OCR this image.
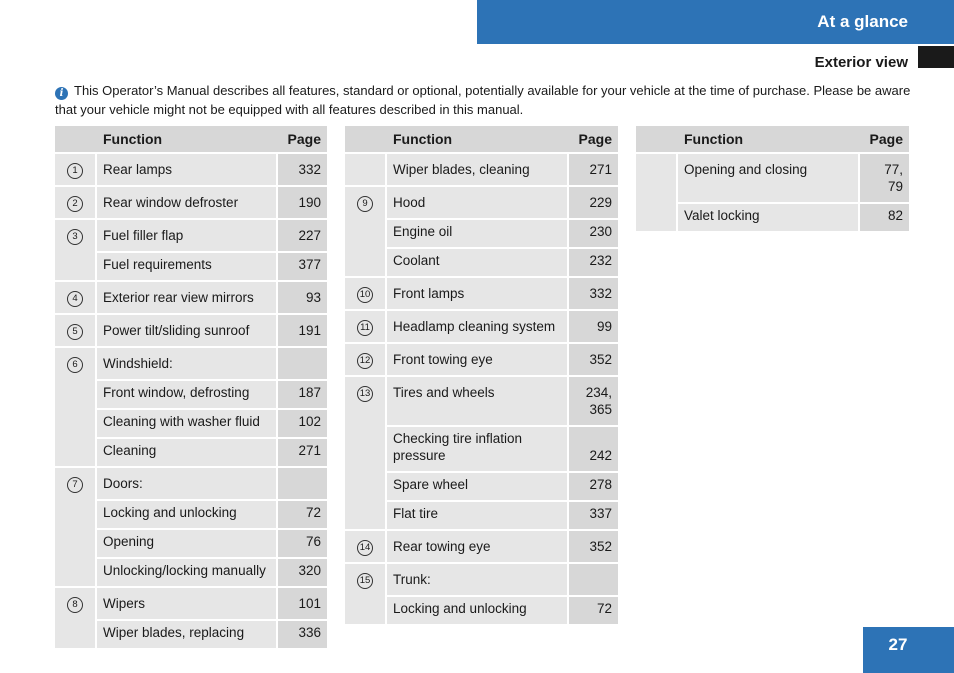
At a glance
Exterior view
i This Operator’s Manual describes all features, standard or optional, potentially available for your vehicle at the time of purchase. Please be aware that your vehicle might not be equipped with all features described in this manual.
	Function	Page
1	Rear lamps	332
2	Rear window defroster	190
3	Fuel filler flap	227
	Fuel requirements	377
4	Exterior rear view mirrors	93
5	Power tilt/sliding sunroof	191
6	Windshield:	
	Front window, defrosting	187
	Cleaning with washer fluid	102
	Cleaning	271
7	Doors:	
	Locking and unlocking	72
	Opening	76
	Unlocking/locking manually	320
8	Wipers	101
	Wiper blades, replacing	336
	Function	Page
	Wiper blades, cleaning	271
9	Hood	229
	Engine oil	230
	Coolant	232
10	Front lamps	332
11	Headlamp cleaning system	99
12	Front towing eye	352
13	Tires and wheels	234, 365
	Checking tire inflation pressure	242
	Spare wheel	278
	Flat tire	337
14	Rear towing eye	352
15	Trunk:	
	Locking and unlocking	72
	Function	Page
	Opening and closing	77, 79
	Valet locking	82
27
